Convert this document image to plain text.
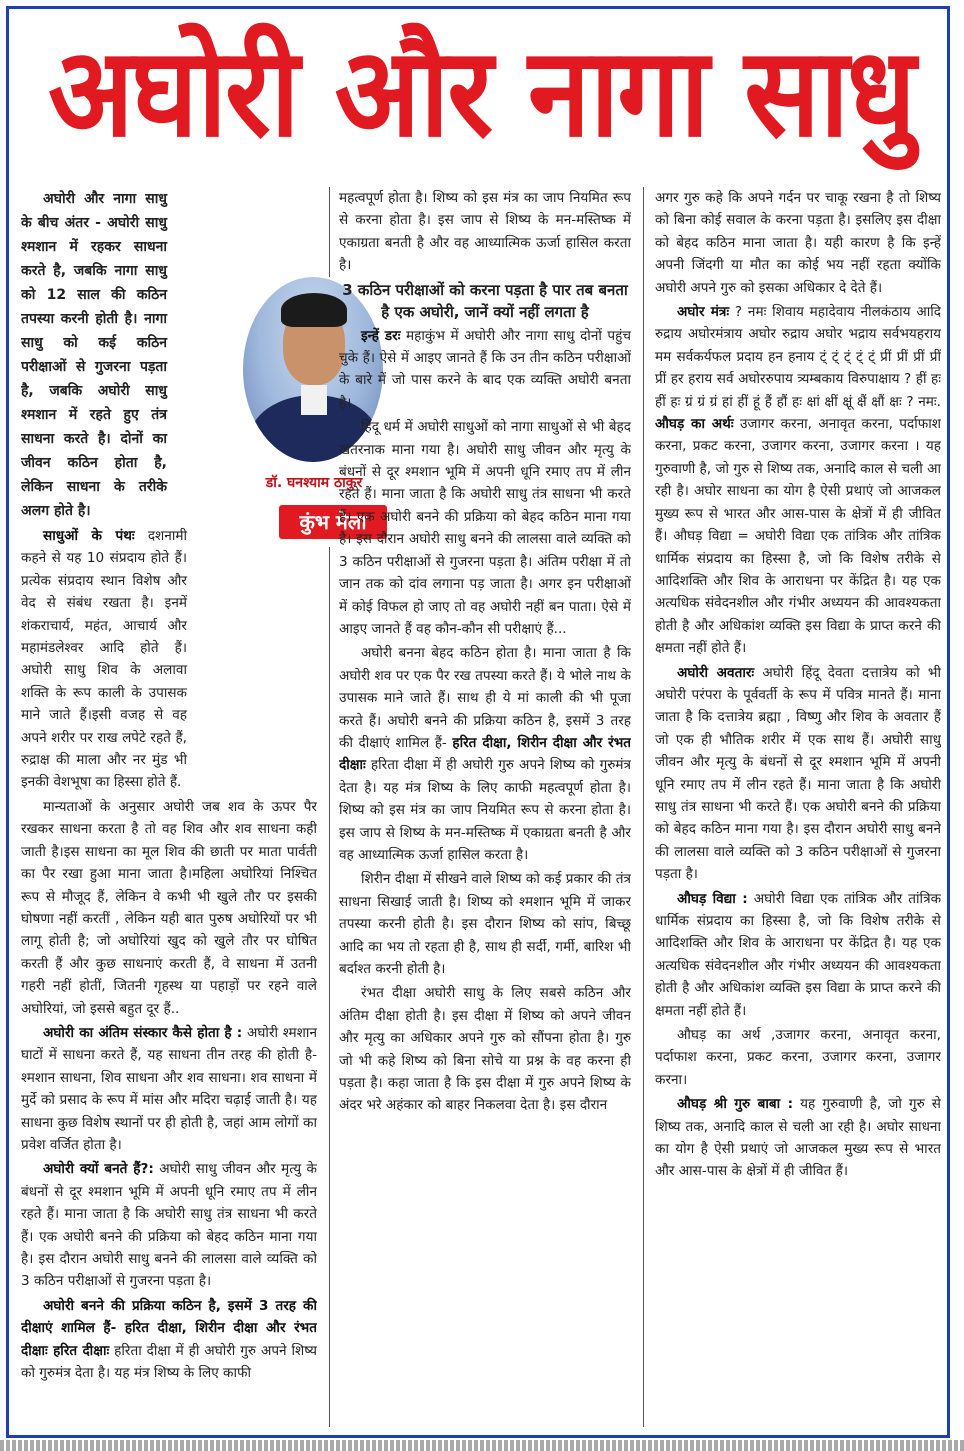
अघोरी और नागा साधु

अघोरी और नागा साधु के बीच अंतर - अघोरी साधु श्मशान में रहकर साधना करते है, जबकि नागा साधु को 12 साल की कठिन तपस्या करनी होती है। नागा साधु को कई कठिन परीक्षाओं से गुजरना पड़ता है, जबकि अघोरी साधु श्मशान में रहते हुए तंत्र साधना करते है। दोनों का जीवन कठिन होता है, लेकिन साधना के तरीके अलग होते है।

साधुओं के पंथः दशनामी कहने से यह 10 संप्रदाय होते हैं। प्रत्येक संप्रदाय स्थान विशेष और वेद से संबंध रखता है। इनमें शंकराचार्य, महंत, आचार्य और महामंडलेश्वर आदि होते हैं। अघोरी साधु शिव के अलावा शक्ति के रूप काली के उपासक माने जाते हैं।इसी वजह से वह अपने शरीर पर राख लपेटे रहते हैं, रुद्राक्ष की माला और नर मुंड भी इनकी वेशभूषा का हिस्सा होते हैं.

मान्यताओं के अनुसार अघोरी जब शव के ऊपर पैर रखकर साधना करता है तो वह शिव और शव साधना कही जाती है।इस साधना का मूल शिव की छाती पर माता पार्वती का पैर रखा हुआ माना जाता है।महिला अघोरियां निश्चित रूप से मौजूद हैं, लेकिन वे कभी भी खुले तौर पर इसकी घोषणा नहीं करतीं , लेकिन यही बात पुरुष अघोरियों पर भी लागू होती है; जो अघोरियां खुद को खुले तौर पर घोषित करती हैं और कुछ साधनाएं करती हैं, वे साधना में उतनी गहरी नहीं होतीं, जितनी गृहस्थ या पहाड़ों पर रहने वाले अघोरियां, जो इससे बहुत दूर हैं..

अघोरी का अंतिम संस्कार कैसे होता है : अघोरी श्मशान घाटों में साधना करते हैं, यह साधना तीन तरह की होती है- श्मशान साधना, शिव साधना और शव साधना। शव साधना में मुर्दे को प्रसाद के रूप में मांस और मदिरा चढ़ाई जाती है। यह साधना कुछ विशेष स्थानों पर ही होती है, जहां आम लोगों का प्रवेश वर्जित होता है।

अघोरी क्यों बनते हैं?: अघोरी साधु जीवन और मृत्यु के बंधनों से दूर श्मशान भूमि में अपनी धूनि रमाए तप में लीन रहते हैं। माना जाता है कि अघोरी साधु तंत्र साधना भी करते हैं। एक अघोरी बनने की प्रक्रिया को बेहद कठिन माना गया है। इस दौरान अघोरी साधु बनने की लालसा वाले व्यक्ति को 3 कठिन परीक्षाओं से गुजरना पड़ता है।

अघोरी बनने की प्रक्रिया कठिन है, इसमें 3 तरह की दीक्षाएं शामिल हैं- हरित दीक्षा, शिरीन दीक्षा और रंभत दीक्षाः हरित दीक्षाः हरिता दीक्षा में ही अघोरी गुरु अपने शिष्य को गुरुमंत्र देता है। यह मंत्र शिष्य के लिए काफी

डॉ. घनश्याम ठाकुर
कुंभ मेला

महत्वपूर्ण होता है। शिष्य को इस मंत्र का जाप नियमित रूप से करना होता है। इस जाप से शिष्य के मन-मस्तिष्क में एकाग्रता बनती है और वह आध्यात्मिक ऊर्जा हासिल करता है।

3 कठिन परीक्षाओं को करना पड़ता है पार तब बनता है एक अघोरी, जानें क्यों नहीं लगता है

इन्हें डरः महाकुंभ में अघोरी और नागा साधु दोनों पहुंच चुके हैं। ऐसे में आइए जानते हैं कि उन तीन कठिन परीक्षाओं के बारे में जो पास करने के बाद एक व्यक्ति अघोरी बनता है।

हिंदू धर्म में अघोरी साधुओं को नागा साधुओं से भी बेहद खतरनाक माना गया है। अघोरी साधु जीवन और मृत्यु के बंधनों से दूर श्मशान भूमि में अपनी धूनि रमाए तप में लीन रहते हैं। माना जाता है कि अघोरी साधु तंत्र साधना भी करते हैं। एक अघोरी बनने की प्रक्रिया को बेहद कठिन माना गया है। इस दौरान अघोरी साधु बनने की लालसा वाले व्यक्ति को 3 कठिन परीक्षाओं से गुजरना पड़ता है। अंतिम परीक्षा में तो जान तक को दांव लगाना पड़ जाता है। अगर इन परीक्षाओं में कोई विफल हो जाए तो वह अघोरी नहीं बन पाता। ऐसे में आइए जानते हैं वह कौन-कौन सी परीक्षाएं हैं...

अघोरी बनना बेहद कठिन होता है। माना जाता है कि अघोरी शव पर एक पैर रख तपस्या करते हैं। ये भोले नाथ के उपासक माने जाते हैं। साथ ही ये मां काली की भी पूजा करते हैं। अघोरी बनने की प्रक्रिया कठिन है, इसमें 3 तरह की दीक्षाएं शामिल हैं- हरित दीक्षा, शिरीन दीक्षा और रंभत दीक्षाः हरिता दीक्षा में ही अघोरी गुरु अपने शिष्य को गुरुमंत्र देता है। यह मंत्र शिष्य के लिए काफी महत्वपूर्ण होता है। शिष्य को इस मंत्र का जाप नियमित रूप से करना होता है। इस जाप से शिष्य के मन-मस्तिष्क में एकाग्रता बनती है और वह आध्यात्मिक ऊर्जा हासिल करता है।

शिरीन दीक्षा में सीखने वाले शिष्य को कई प्रकार की तंत्र साधना सिखाई जाती है। शिष्य को श्मशान भूमि में जाकर तपस्या करनी होती है। इस दौरान शिष्य को सांप, बिच्छू आदि का भय तो रहता ही है, साथ ही सर्दी, गर्मी, बारिश भी बर्दाश्त करनी होती है।

रंभत दीक्षा अघोरी साधु के लिए सबसे कठिन और अंतिम दीक्षा होती है। इस दीक्षा में शिष्य को अपने जीवन और मृत्यु का अधिकार अपने गुरु को सौंपना होता है। गुरु जो भी कहे शिष्य को बिना सोचे या प्रश्न के वह करना ही पड़ता है। कहा जाता है कि इस दीक्षा में गुरु अपने शिष्य के अंदर भरे अहंकार को बाहर निकलवा देता है। इस दौरान

अगर गुरु कहे कि अपने गर्दन पर चाकू रखना है तो शिष्य को बिना कोई सवाल के करना पड़ता है। इसलिए इस दीक्षा को बेहद कठिन माना जाता है। यही कारण है कि इन्हें अपनी जिंदगी या मौत का कोई भय नहीं रहता क्योंकि अघोरी अपने गुरु को इसका अधिकार दे देते हैं।

अघोर मंत्रः ? नमः शिवाय महादेवाय नीलकंठाय आदि रुद्राय अघोरमंत्राय अघोर रुद्राय अघोर भद्राय सर्वभयहराय मम सर्वकर्यफल प्रदाय हन हनाय ट्ं ट्ं ट्ं ट्ं ट्ं प्रीं प्रीं प्रीं प्रीं प्रीं हर हराय सर्व अघोररुपाय त्र्यम्बकाय विरुपाक्षाय ? हीं हः हीं हः ग्रं ग्रं ग्रं हां हीं हूं हैं हौं हः क्षां क्षीं क्षूं क्षैं क्षौं क्षः ? नमः. औघड़ का अर्थः उजागर करना, अनावृत करना, पर्दाफाश करना, प्रकट करना, उजागर करना, उजागर करना । यह गुरुवाणी है, जो गुरु से शिष्य तक, अनादि काल से चली आ रही है। अघोर साधना का योग है ऐसी प्रथाएं जो आजकल मुख्य रूप से भारत और आस-पास के क्षेत्रों में ही जीवित हैं। औघड़ विद्या = अघोरी विद्या एक तांत्रिक और तांत्रिक धार्मिक संप्रदाय का हिस्सा है, जो कि विशेष तरीके से आदिशक्ति और शिव के आराधना पर केंद्रित है। यह एक अत्यधिक संवेदनशील और गंभीर अध्ययन की आवश्यकता होती है और अधिकांश व्यक्ति इस विद्या के प्राप्त करने की क्षमता नहीं होते हैं।

अघोरी अवतारः अघोरी हिंदू देवता दत्तात्रेय को भी अघोरी परंपरा के पूर्ववर्ती के रूप में पवित्र मानते हैं। माना जाता है कि दत्तात्रेय ब्रह्मा , विष्णु और शिव के अवतार हैं जो एक ही भौतिक शरीर में एक साथ हैं। अघोरी साधु जीवन और मृत्यु के बंधनों से दूर श्मशान भूमि में अपनी धूनि रमाए तप में लीन रहते हैं। माना जाता है कि अघोरी साधु तंत्र साधना भी करते हैं। एक अघोरी बनने की प्रक्रिया को बेहद कठिन माना गया है। इस दौरान अघोरी साधु बनने की लालसा वाले व्यक्ति को 3 कठिन परीक्षाओं से गुजरना पड़ता है।

औघड़ विद्या : अघोरी विद्या एक तांत्रिक और तांत्रिक धार्मिक संप्रदाय का हिस्सा है, जो कि विशेष तरीके से आदिशक्ति और शिव के आराधना पर केंद्रित है। यह एक अत्यधिक संवेदनशील और गंभीर अध्ययन की आवश्यकता होती है और अधिकांश व्यक्ति इस विद्या के प्राप्त करने की क्षमता नहीं होते हैं।

औघड़ का अर्थ ,उजागर करना, अनावृत करना, पर्दाफाश करना, प्रकट करना, उजागर करना, उजागर करना।

औघड़ श्री गुरु बाबा : यह गुरुवाणी है, जो गुरु से शिष्य तक, अनादि काल से चली आ रही है। अघोर साधना का योग है ऐसी प्रथाएं जो आजकल मुख्य रूप से भारत और आस-पास के क्षेत्रों में ही जीवित हैं।
